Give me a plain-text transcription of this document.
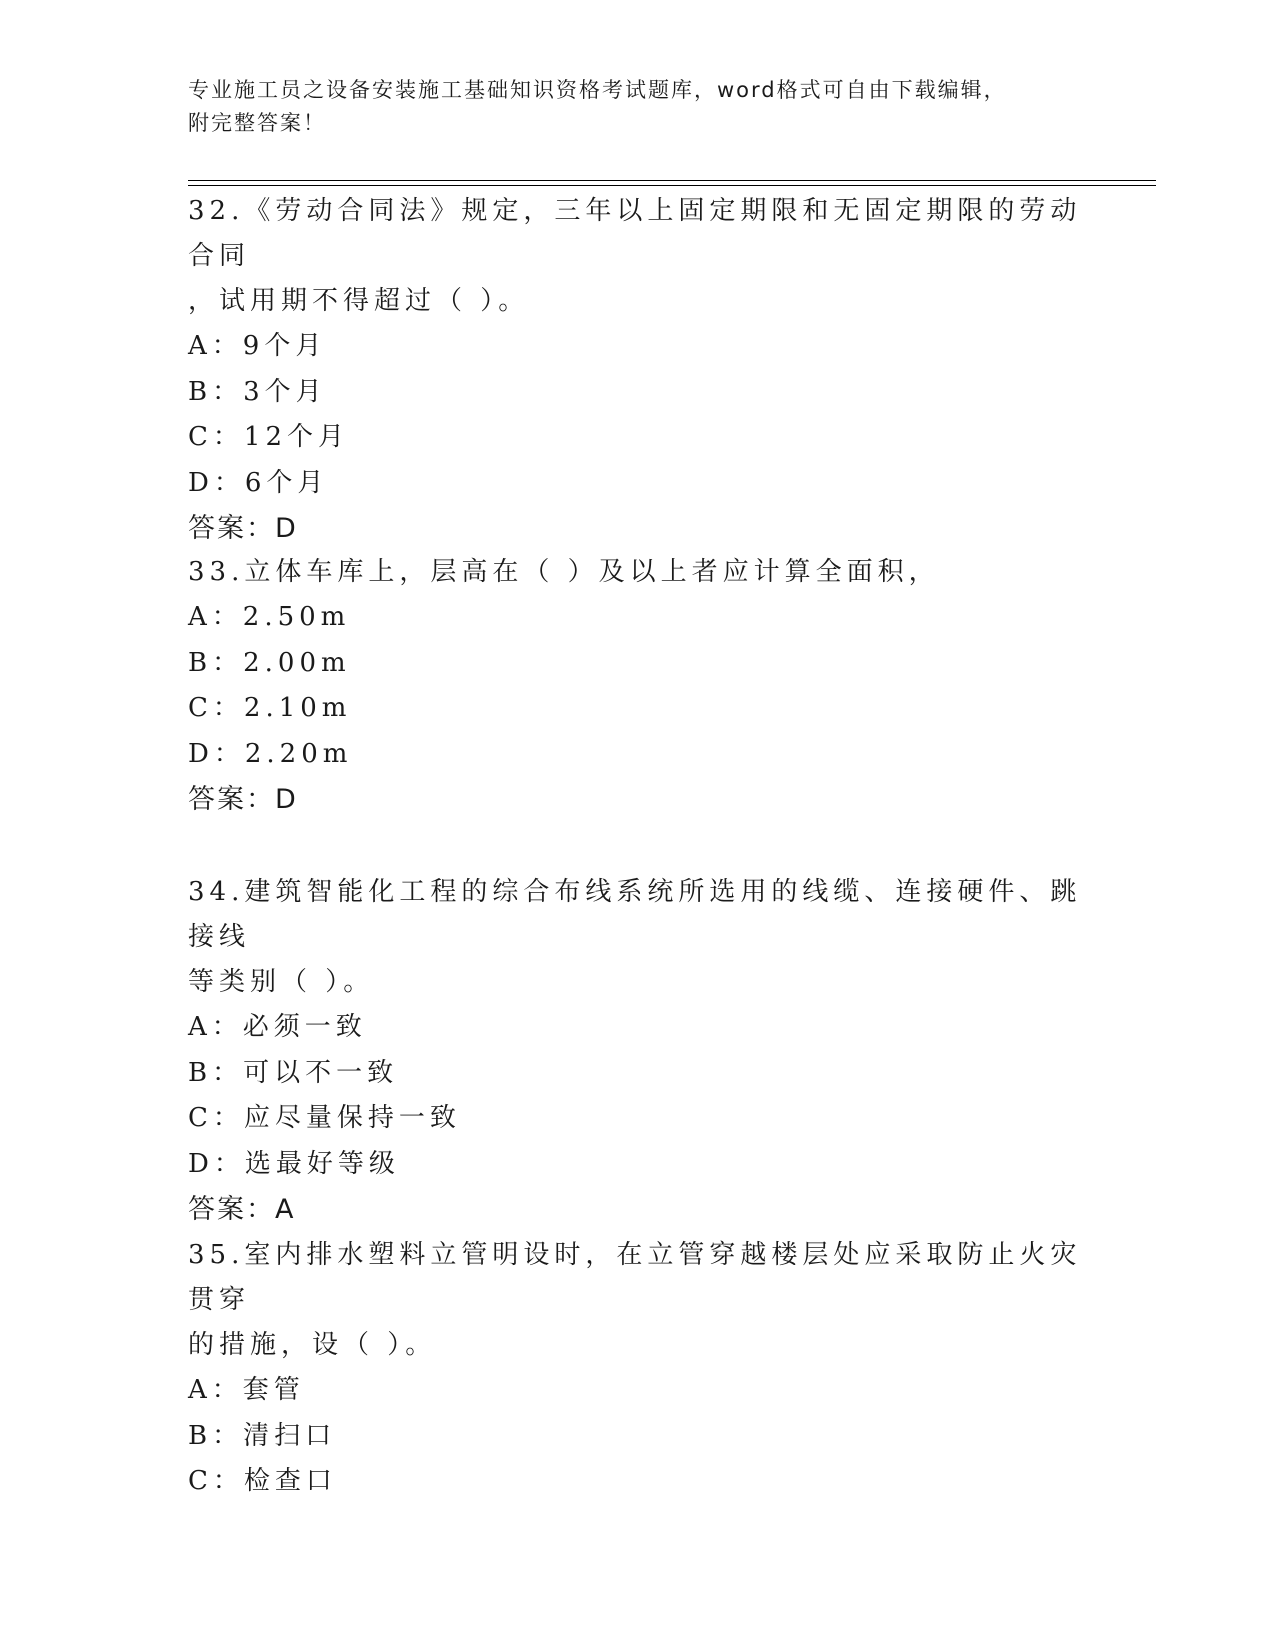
专业施工员之设备安装施工基础知识资格考试题库，word格式可自由下载编辑，
附完整答案！

32.《劳动合同法》规定，三年以上固定期限和无固定期限的劳动合同

，试用期不得超过（ ）。

A： 9个月

B： 3个月

C： 12个月

D： 6个月

答案：D

33.立体车库上，层高在（ ）及以上者应计算全面积，

A： 2.50m

B： 2.00m

C： 2.10m

D： 2.20m

答案：D

34.建筑智能化工程的综合布线系统所选用的线缆、连接硬件、跳接线

等类别（ ）。

A： 必须一致

B： 可以不一致

C： 应尽量保持一致

D： 选最好等级

答案：A

35.室内排水塑料立管明设时，在立管穿越楼层处应采取防止火灾贯穿

的措施，设（ ）。

A： 套管

B： 清扫口

C： 检查口
